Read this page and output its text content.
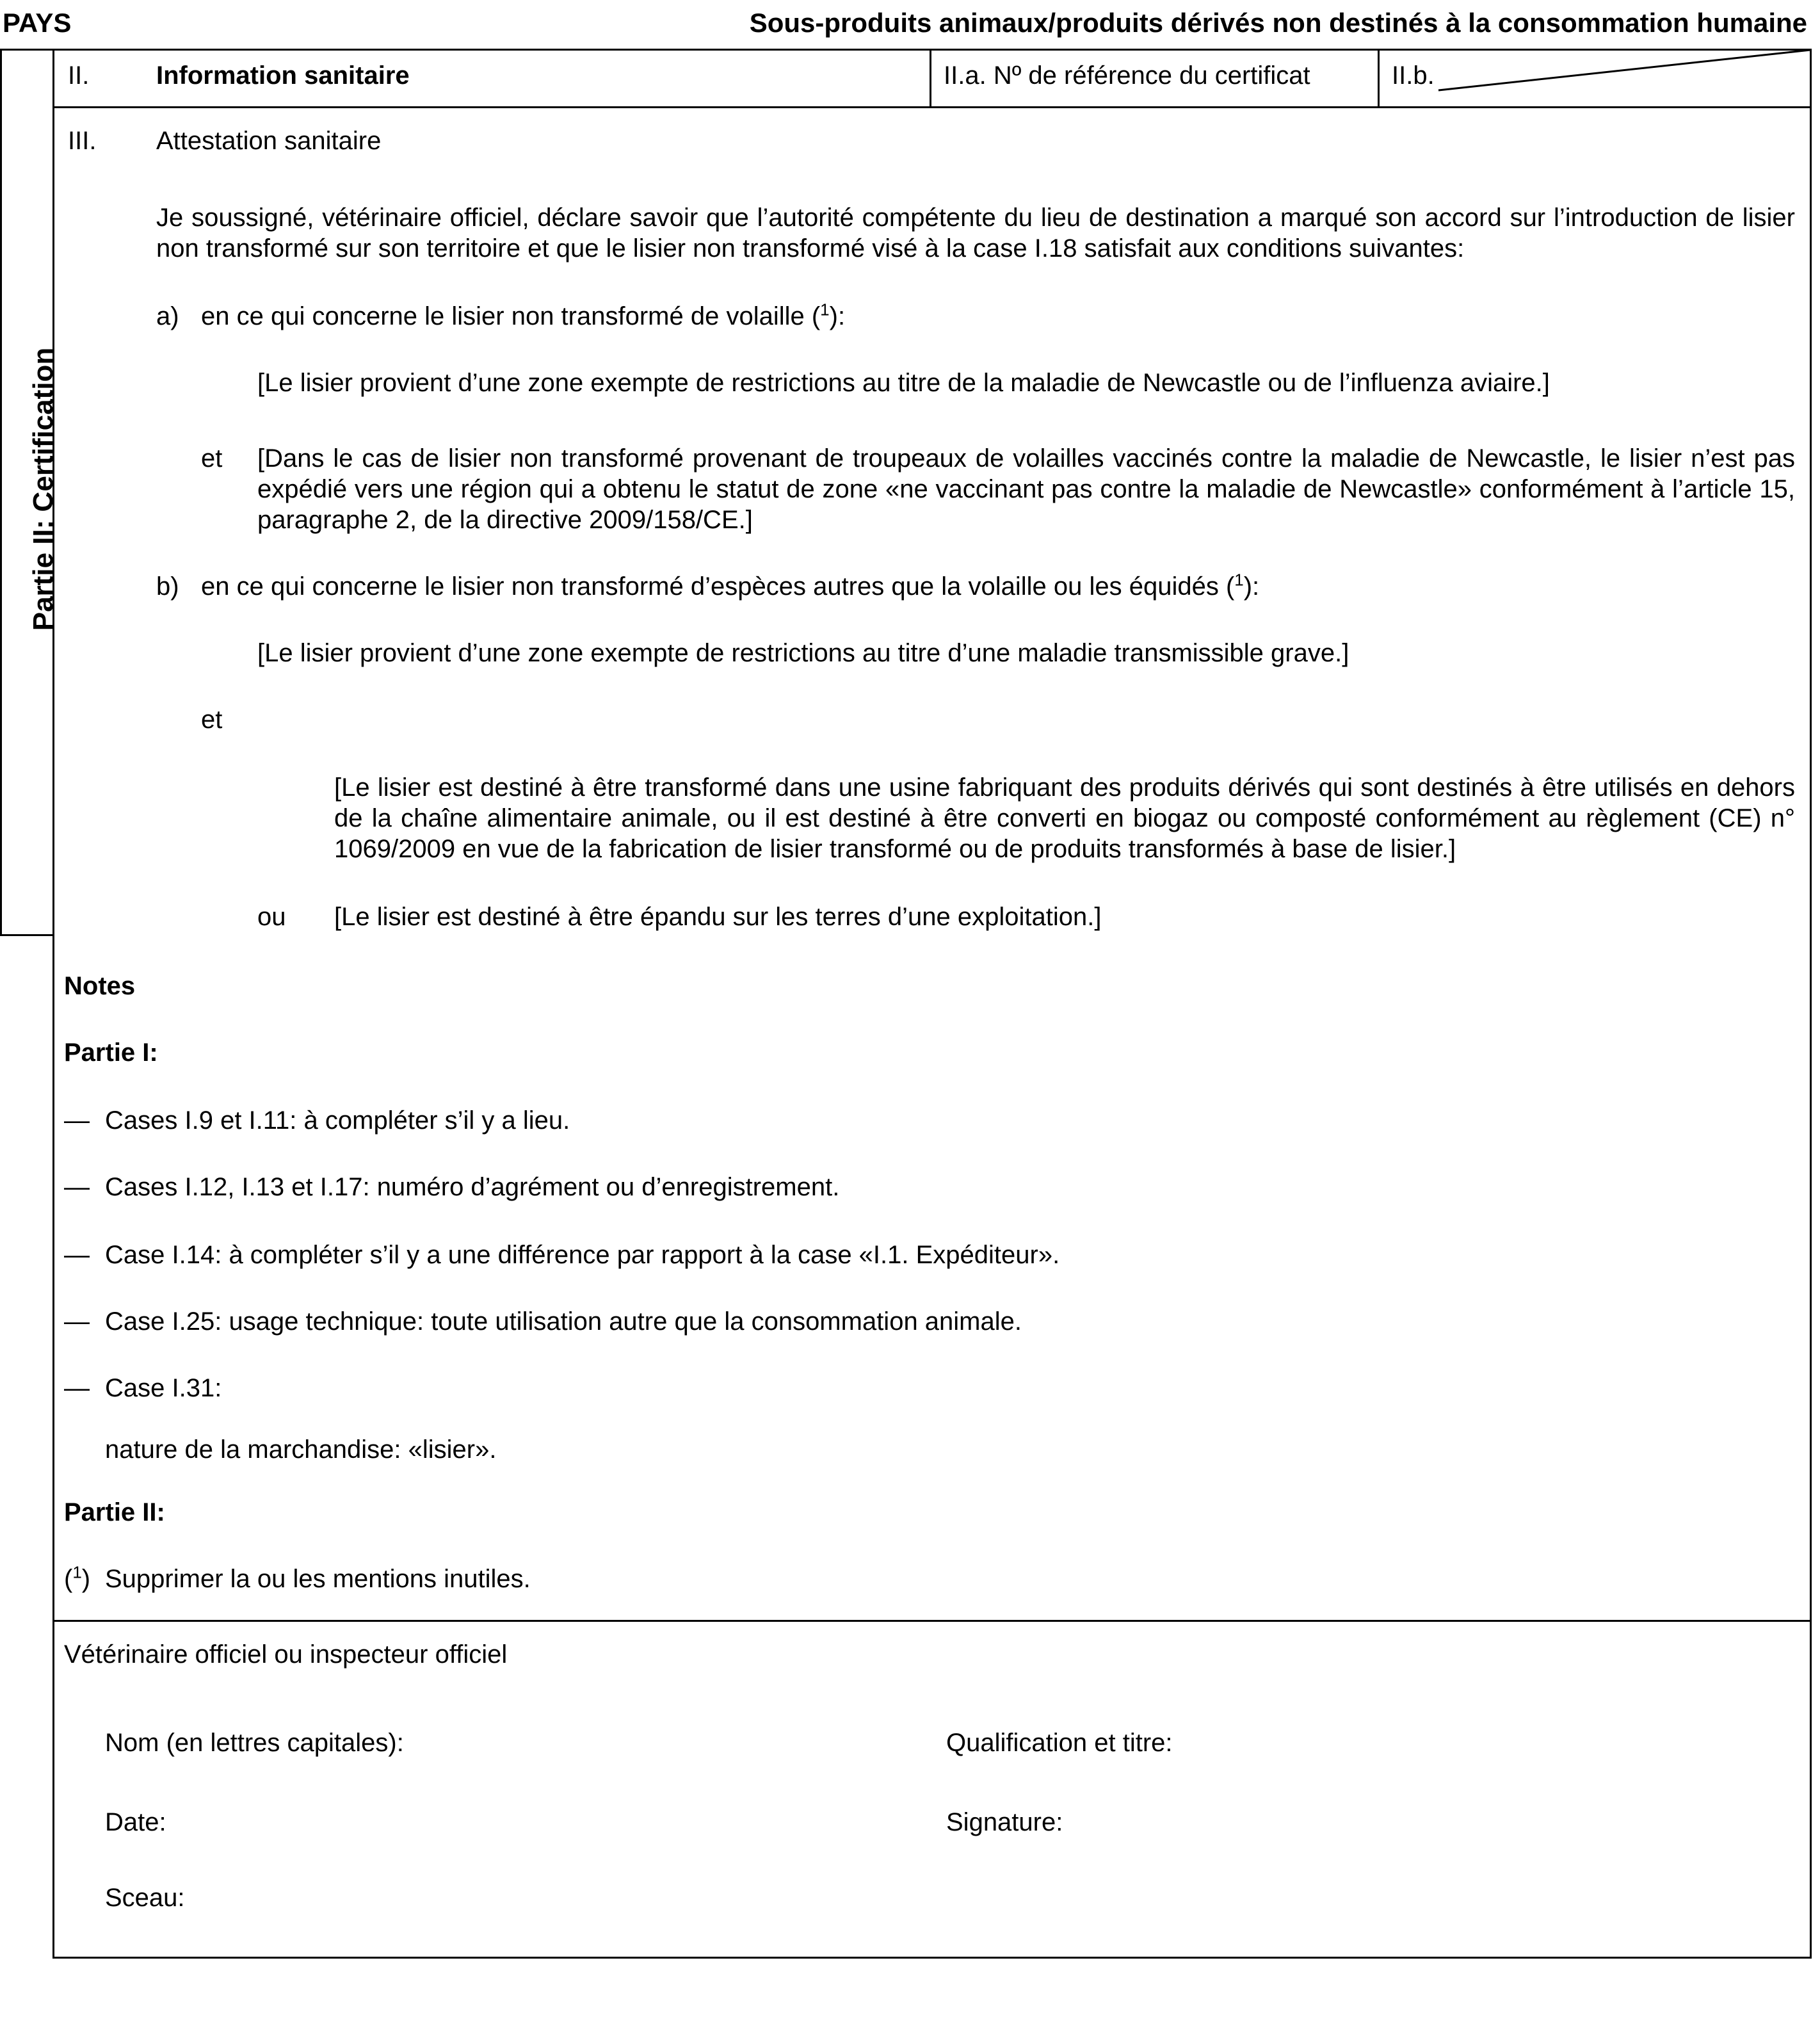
PAYS	Sous-produits animaux/produits dérivés non destinés à la consommation humaine
Partie II: Certification
II.	Information sanitaire	II.a. Nº de référence du certificat	II.b.
III. Attestation sanitaire
Je soussigné, vétérinaire officiel, déclare savoir que l’autorité compétente du lieu de destination a marqué son accord sur l’introduction de lisier non transformé sur son territoire et que le lisier non transformé visé à la case I.18 satisfait aux conditions suivantes:
a) en ce qui concerne le lisier non transformé de volaille ($^1$):
[Le lisier provient d’une zone exempte de restrictions au titre de la maladie de Newcastle ou de l’influenza aviaire.]
et [Dans le cas de lisier non transformé provenant de troupeaux de volailles vaccinés contre la maladie de Newcastle, le lisier n’est pas expédié vers une région qui a obtenu le statut de zone «ne vaccinant pas contre la maladie de Newcastle» conformément à l’article 15, paragraphe 2, de la directive 2009/158/CE.]
b) en ce qui concerne le lisier non transformé d’espèces autres que la volaille ou les équidés ($^1$):
[Le lisier provient d’une zone exempte de restrictions au titre d’une maladie transmissible grave.]
et
[Le lisier est destiné à être transformé dans une usine fabriquant des produits dérivés qui sont destinés à être utilisés en dehors de la chaîne alimentaire animale, ou il est destiné à être converti en biogaz ou composté conformément au règlement (CE) n° 1069/2009 en vue de la fabrication de lisier transformé ou de produits transformés à base de lisier.]
ou [Le lisier est destiné à être épandu sur les terres d’une exploitation.]
Notes
Partie I:
— Cases I.9 et I.11: à compléter s’il y a lieu.
— Cases I.12, I.13 et I.17: numéro d’agrément ou d’enregistrement.
— Case I.14: à compléter s’il y a une différence par rapport à la case «I.1. Expéditeur».
— Case I.25: usage technique: toute utilisation autre que la consommation animale.
— Case I.31:
nature de la marchandise: «lisier».
Partie II:
($^1$) Supprimer la ou les mentions inutiles.
Vétérinaire officiel ou inspecteur officiel
Nom (en lettres capitales):	Qualification et titre:
Date:	Signature:
Sceau:
